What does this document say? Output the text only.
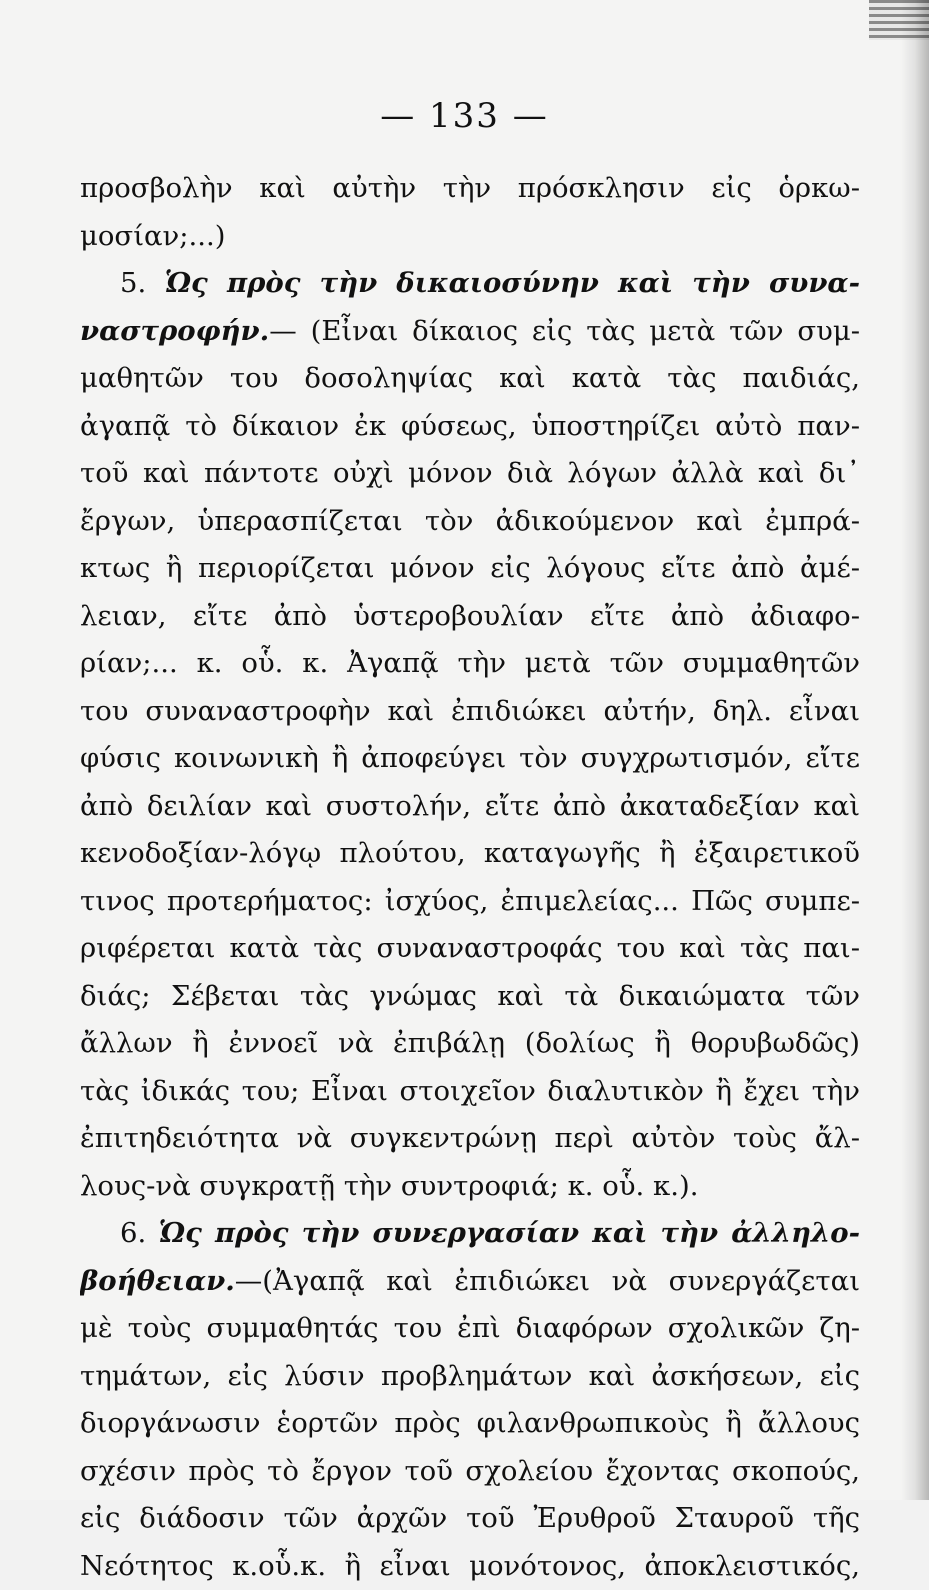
— 133 —
προσβολὴν καὶ αὐτὴν τὴν πρόσκλησιν εἰς ὁρκω-
μοσίαν;...)
5. Ὡς πρὸς τὴν δικαιοσύνην καὶ τὴν συνα-
ναστροφήν.— (Εἶναι δίκαιος εἰς τὰς μετὰ τῶν συμ-
μαθητῶν του δοσοληψίας καὶ κατὰ τὰς παιδιάς,
ἀγαπᾷ τὸ δίκαιον ἐκ φύσεως, ὑποστηρίζει αὐτὸ παν-
τοῦ καὶ πάντοτε οὐχὶ μόνον διὰ λόγων ἀλλὰ καὶ δι᾽
ἔργων, ὑπερασπίζεται τὸν ἀδικούμενον καὶ ἐμπρά-
κτως ἢ περιορίζεται μόνον εἰς λόγους εἴτε ἀπὸ ἀμέ-
λειαν, εἴτε ἀπὸ ὑστεροβουλίαν εἴτε ἀπὸ ἀδιαφο-
ρίαν;... κ. οὗ. κ. Ἀγαπᾷ τὴν μετὰ τῶν συμμαθητῶν
του συναναστροφὴν καὶ ἐπιδιώκει αὐτήν, δηλ. εἶναι
φύσις κοινωνικὴ ἢ ἀποφεύγει τὸν συγχρωτισμόν, εἴτε
ἀπὸ δειλίαν καὶ συστολήν, εἴτε ἀπὸ ἀκαταδεξίαν καὶ
κενοδοξίαν-λόγῳ πλούτου, καταγωγῆς ἢ ἐξαιρετικοῦ
τινος προτερήματος: ἰσχύος, ἐπιμελείας... Πῶς συμπε-
ριφέρεται κατὰ τὰς συναναστροφάς του καὶ τὰς παι-
διάς; Σέβεται τὰς γνώμας καὶ τὰ δικαιώματα τῶν
ἄλλων ἢ ἐννοεῖ νὰ ἐπιβάλῃ (δολίως ἢ θορυβωδῶς)
τὰς ἰδικάς του; Εἶναι στοιχεῖον διαλυτικὸν ἢ ἔχει τὴν
ἐπιτηδειότητα νὰ συγκεντρώνῃ περὶ αὐτὸν τοὺς ἄλ-
λους-νὰ συγκρατῇ τὴν συντροφιά; κ. οὗ. κ.).
6. Ὡς πρὸς τὴν συνεργασίαν καὶ τὴν ἀλληλο-
βοήθειαν.—(Ἀγαπᾷ καὶ ἐπιδιώκει νὰ συνεργάζεται
μὲ τοὺς συμμαθητάς του ἐπὶ διαφόρων σχολικῶν ζη-
τημάτων, εἰς λύσιν προβλημάτων καὶ ἀσκήσεων, εἰς
διοργάνωσιν ἑορτῶν πρὸς φιλανθρωπικοὺς ἢ ἄλλους
σχέσιν πρὸς τὸ ἔργον τοῦ σχολείου ἔχοντας σκοπούς,
εἰς διάδοσιν τῶν ἀρχῶν τοῦ Ἐρυθροῦ Σταυροῦ τῆς
Νεότητος κ.οὗ.κ. ἢ εἶναι μονότονος, ἀποκλειστικός,
